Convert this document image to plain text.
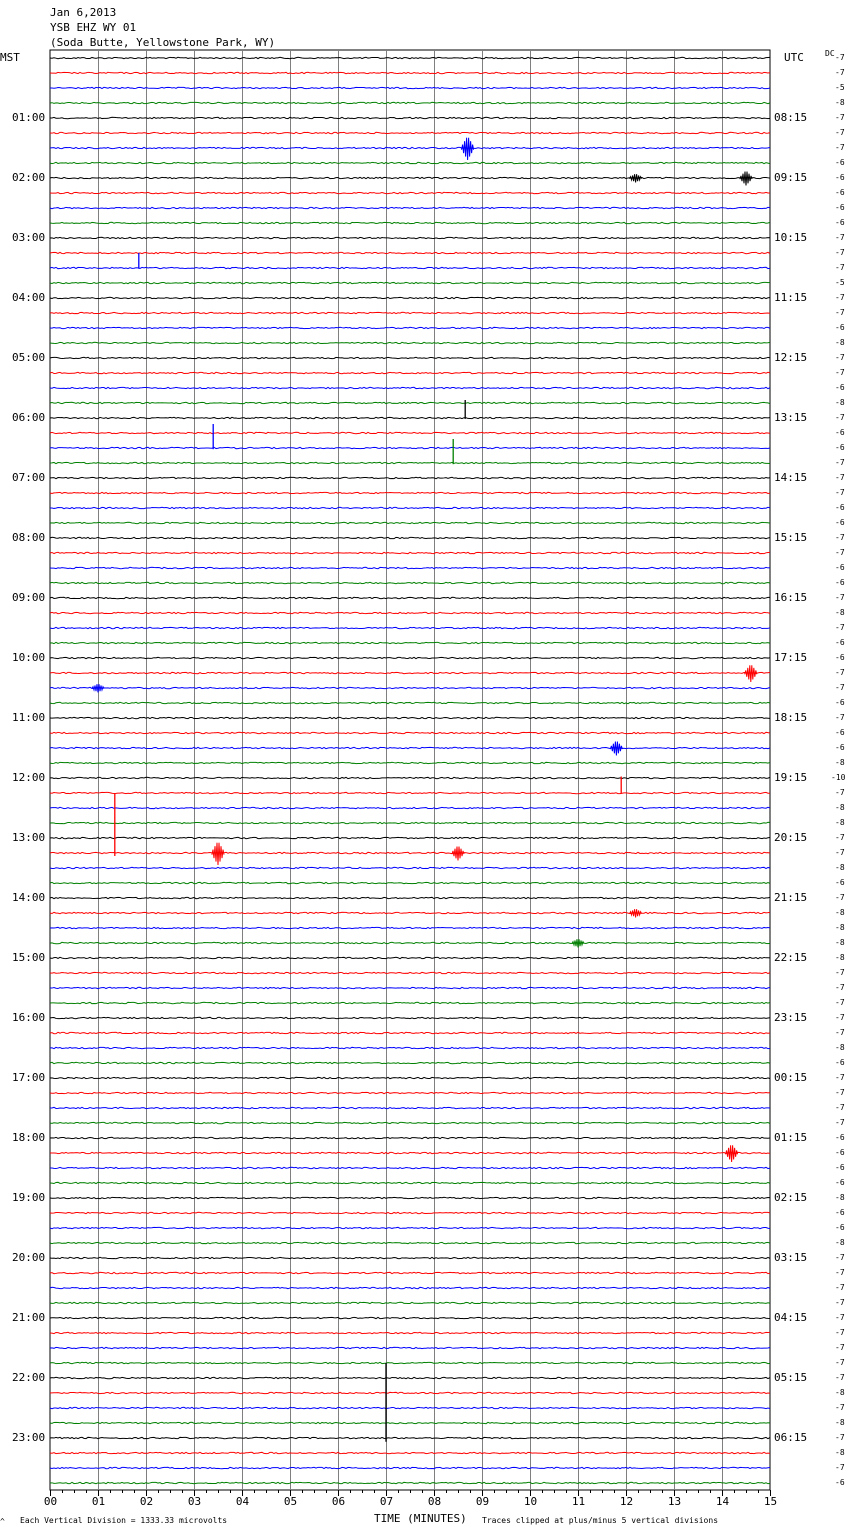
00	01	02	03	04	05	06	07	08	09	10	11	12	13	14	15
Jan 6,2013
YSB EHZ WY 01
(Soda Butte, Yellowstone Park, WY)
MST	UTC	DC
01:00
02:00
03:00
04:00
05:00
06:00
07:00
08:00
09:00
10:00
11:00
12:00
13:00
14:00
15:00
16:00
17:00
18:00
19:00
20:00
21:00
22:00
23:00
08:15
09:15
10:15
11:15
12:15
13:15
14:15
15:15
16:15
17:15
18:15
19:15
20:15
21:15
22:15
23:15
00:15
01:15
02:15
03:15
04:15
05:15
06:15
-7
-7
-5
-8
-7
-7
-7
-6
-6
-6
-6
-6
-7
-7
-7
-5
-7
-7
-6
-8
-7
-7
-6
-8
-7
-6
-6
-7
-7
-7
-6
-6
-7
-7
-6
-6
-7
-8
-7
-6
-6
-7
-7
-6
-7
-6
-6
-8
-10
-7
-8
-8
-7
-7
-8
-6
-7
-8
-8
-8
-8
-7
-7
-7
-7
-7
-8
-6
-7
-7
-7
-7
-6
-6
-6
-6
-8
-6
-6
-8
-7
-7
-7
-7
-7
-7
-7
-7
-7
-8
-7
-8
-7
-8
-7
-6
^ Each Vertical Division = 1333.33 microvolts	TIME (MINUTES) Traces clipped at plus/minus 5 vertical divisions
